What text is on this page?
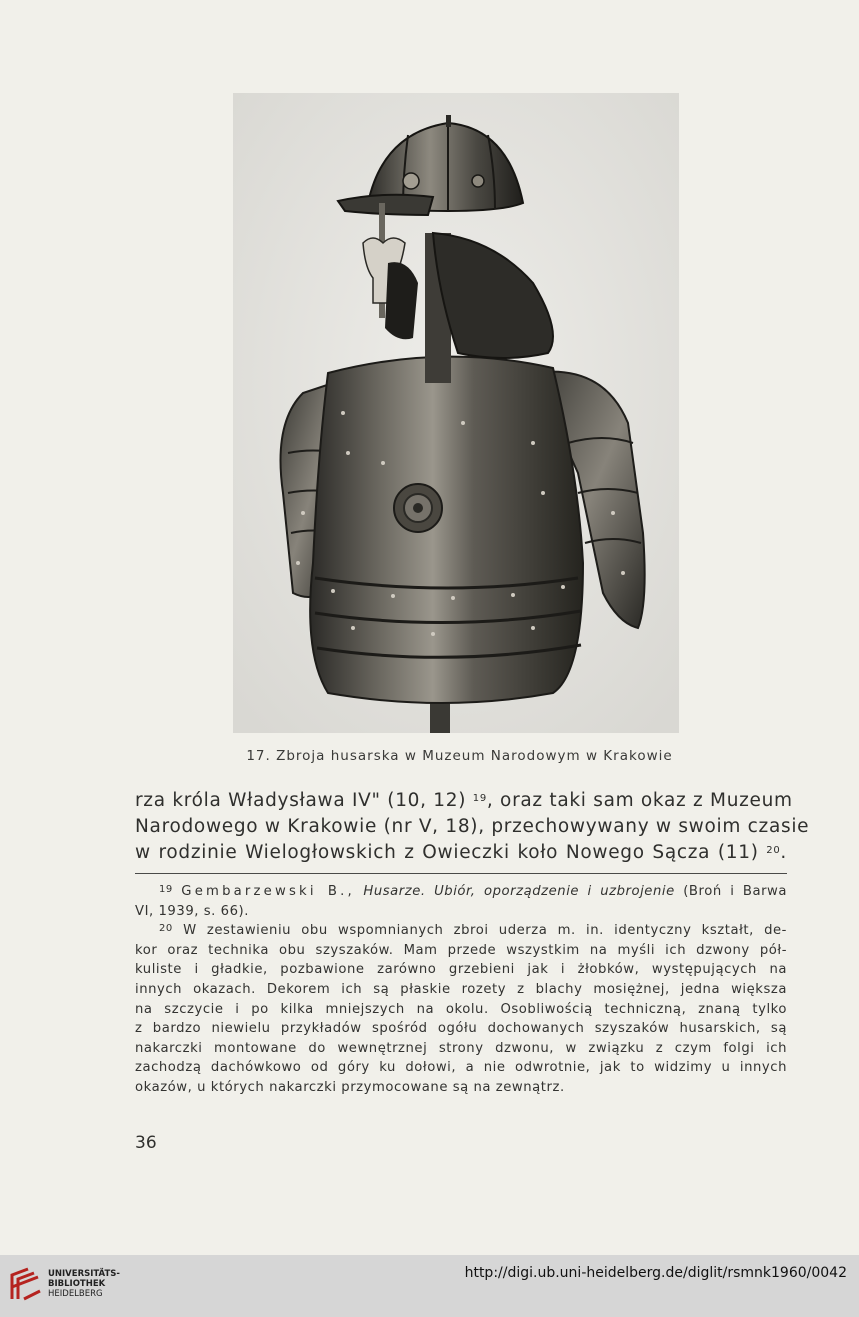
17. Zbroja husarska w Muzeum Narodowym w Krakowie
rza króla Władysława IV" (10, 12) $^{19}$, oraz taki sam okaz z Muzeum
Narodowego w Krakowie (nr V, 18), przechowywany w swoim czasie
w rodzinie Wielogłowskich z Owieczki koło Nowego Sącza (11) $^{20}$.
$^{19}$ Gembarzewski B., Husarze. Ubiór, oporządzenie i uzbrojenie (Broń i Barwa
VI, 1939, s. 66).
$^{20}$ W zestawieniu obu wspomnianych zbroi uderza m. in. identyczny kształt, de-
kor oraz technika obu szyszaków. Mam przede wszystkim na myśli ich dzwony pół-
kuliste i gładkie, pozbawione zarówno grzebieni jak i żłobków, występujących na
innych okazach. Dekorem ich są płaskie rozety z blachy mosiężnej, jedna większa
na szczycie i po kilka mniejszych na okolu. Osobliwością techniczną, znaną tylko
z bardzo niewielu przykładów spośród ogółu dochowanych szyszaków husarskich, są
nakarczki montowane do wewnętrznej strony dzwonu, w związku z czym folgi ich
zachodzą dachówkowo od góry ku dołowi, a nie odwrotnie, jak to widzimy u innych
okazów, u których nakarczki przymocowane są na zewnątrz.
36
UNIVERSITÄTS-
BIBLIOTHEK
HEIDELBERG
http://digi.ub.uni-heidelberg.de/diglit/rsmnk1960/0042
